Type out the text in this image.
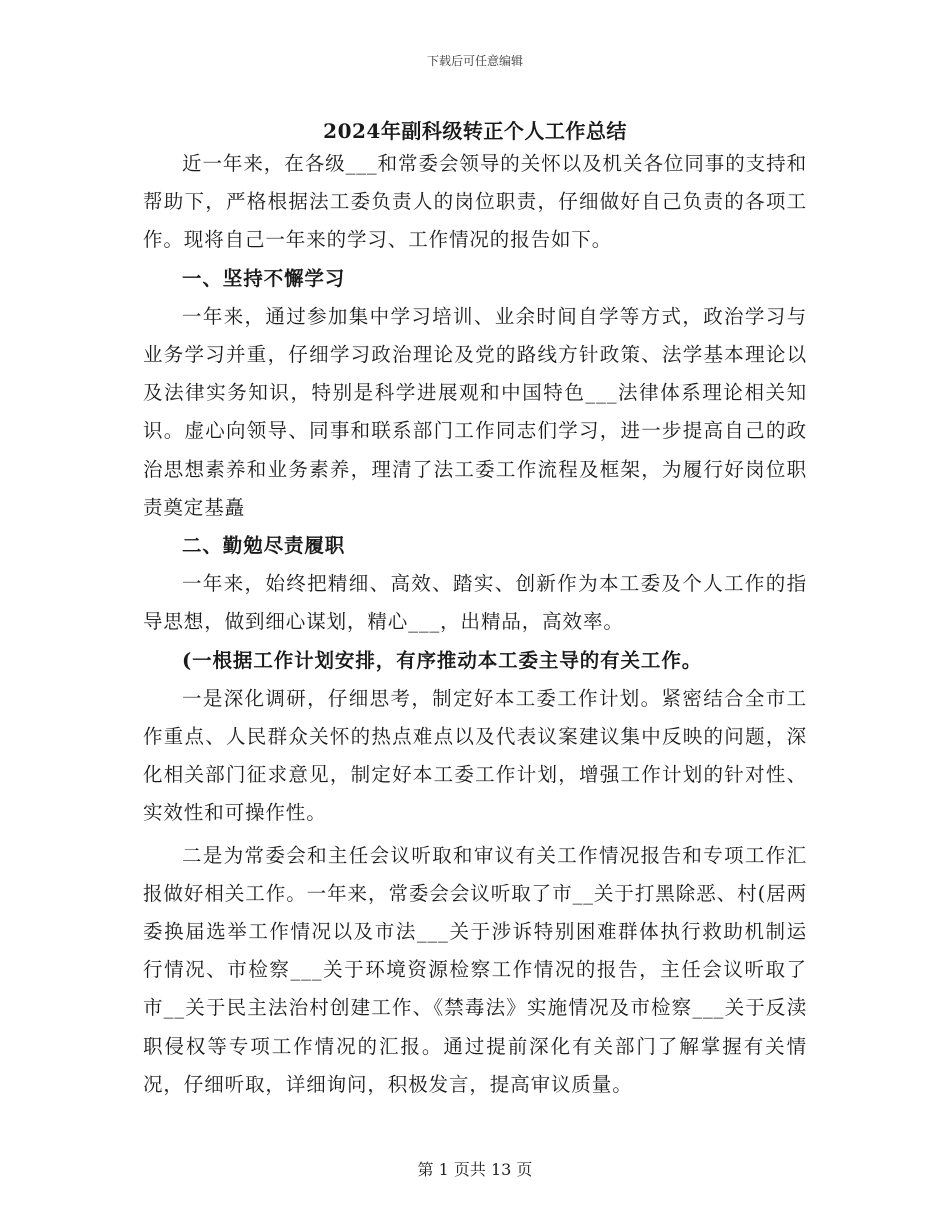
下载后可任意编辑
2024年副科级转正个人工作总结

近一年来，在各级___和常委会领导的关怀以及机关各位同事的支持和帮助下，严格根据法工委负责人的岗位职责，仔细做好自己负责的各项工作。现将自己一年来的学习、工作情况的报告如下。

一、坚持不懈学习

一年来，通过参加集中学习培训、业余时间自学等方式，政治学习与业务学习并重，仔细学习政治理论及党的路线方针政策、法学基本理论以及法律实务知识，特别是科学进展观和中国特色___法律体系理论相关知识。虚心向领导、同事和联系部门工作同志们学习，进一步提高自己的政治思想素养和业务素养，理清了法工委工作流程及框架，为履行好岗位职责奠定基矗

二、勤勉尽责履职

一年来，始终把精细、高效、踏实、创新作为本工委及个人工作的指导思想，做到细心谋划，精心___，出精品，高效率。

(一根据工作计划安排，有序推动本工委主导的有关工作。

一是深化调研，仔细思考，制定好本工委工作计划。紧密结合全市工作重点、人民群众关怀的热点难点以及代表议案建议集中反映的问题，深化相关部门征求意见，制定好本工委工作计划，增强工作计划的针对性、实效性和可操作性。

二是为常委会和主任会议听取和审议有关工作情况报告和专项工作汇报做好相关工作。一年来，常委会会议听取了市__关于打黑除恶、村(居两委换届选举工作情况以及市法___关于涉诉特别困难群体执行救助机制运行情况、市检察___关于环境资源检察工作情况的报告，主任会议听取了市__关于民主法治村创建工作、《禁毒法》实施情况及市检察___关于反渎职侵权等专项工作情况的汇报。通过提前深化有关部门了解掌握有关情况，仔细听取，详细询问，积极发言，提高审议质量。

第 1 页共 13 页
